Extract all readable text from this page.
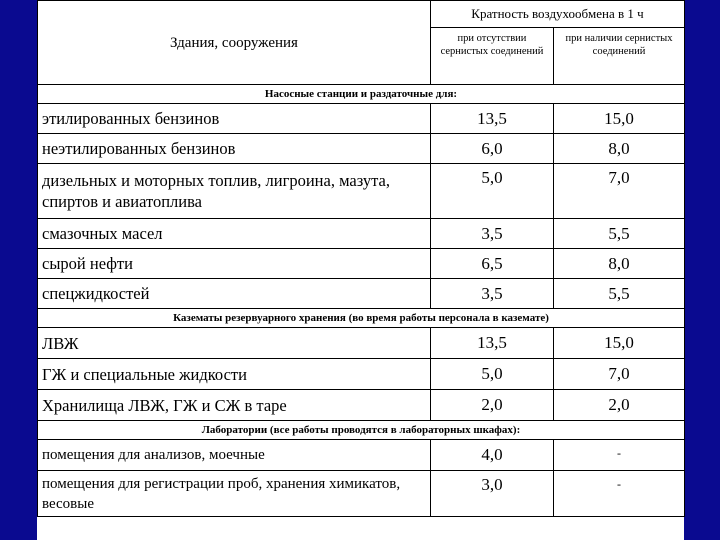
Здания, сооружения	Кратность воздухообмена в 1 ч	
	при отсутствии сернистых соединений	при наличии сернистых соединений
Насосные станции и раздаточные для:		
этилированных бензинов	13,5	15,0
неэтилированных бензинов	6,0	8,0
дизельных и моторных топлив, лигроина, мазута, спиртов и авиатоплива	5,0	7,0
смазочных масел	3,5	5,5
сырой нефти	6,5	8,0
спецжидкостей	3,5	5,5
Казематы резервуарного хранения (во время работы персонала в каземате)		
ЛВЖ	13,5	15,0
ГЖ и специальные жидкости	5,0	7,0
Хранилища ЛВЖ, ГЖ и СЖ в таре	2,0	2,0
Лаборатории (все работы проводятся в лабораторных шкафах):		
помещения для анализов, моечные	4,0	-
помещения для регистрации проб, хранения химикатов, весовые	3,0	-
